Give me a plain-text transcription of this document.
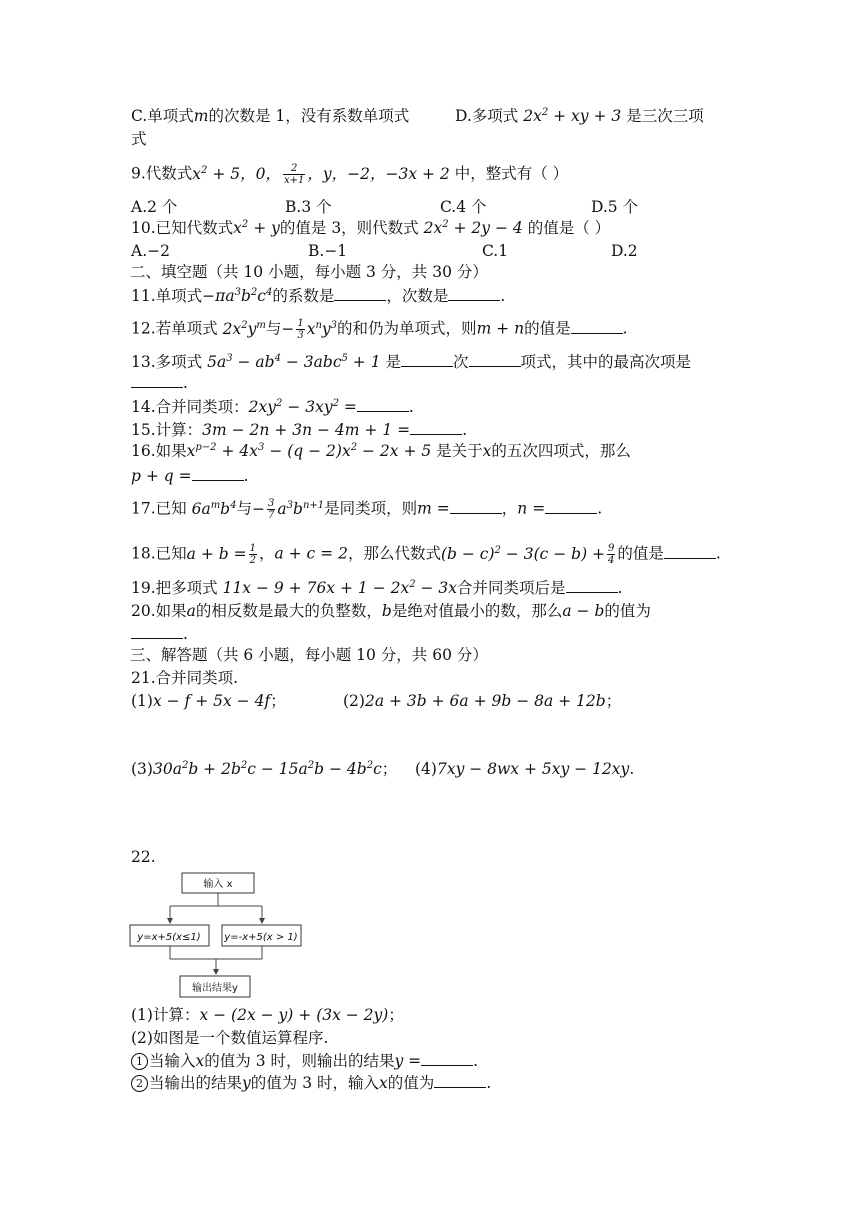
C.单项式m的次数是 1，没有系数单项式	D.多项式 $2x^2$ + xy + 3 是三次三项
式
9.代数式$x^2 + 5$，0， $\frac{2}{x+1}$ ，y，−2，−3x + 2 中，整式有（ ）
A.2 个	B.3 个	C.4 个	D.5 个
10.已知代数式$x^2 + y$的值是 3，则代数式 $2x^2 + 2y - 4$ 的值是（ ）
A.−2	B.−1	C.1	D.2
二、填空题（共 10 小题，每小题 3 分，共 30 分）
11.单项式$-\pi a^3b^2c^4$的系数是	，次数是	.
12.若单项式 $2x^2y^m$与− $\frac{1}{3} x^ny^3$的和仍为单项式，则m + n的值是	.
13.多项式 $5a^3 - ab^4 - 3abc^5 + 1$ 是	次	项式，其中的最高次项是
.
14.合并同类项：$2xy^2 - 3xy^2$ =	.
15.计算：3m − 2n + 3n − 4m + 1 =	.
16.如果$x^{p-2} + 4x^3 - (q - 2)x^2 - 2x + 5$ 是关于x的五次四项式，那么
p + q =	.
17.已知 $6a^mb^4$与− $\frac{3}{7} a^3b^{n+1}$是同类项，则m =	，n =	.
18.已知$a + b = \frac{1}{2}$ ，a + c = 2，那么代数式$(b - c)^2 - 3(c - b) + \frac{9}{4}$ 的值是	.
19.把多项式 $11x - 9 + 76x + 1 - 2x^2 - 3x$合并同类项后是	.
20.如果a的相反数是最大的负整数，b是绝对值最小的数，那么a − b的值为
.
三、解答题（共 6 小题，每小题 10 分，共 60 分）
21.合并同类项.
(1)x − f + 5x − 4f；	(2)2a + 3b + 6a + 9b − 8a + 12b；
$(3)30a^2b + 2b^2c - 15a^2b - 4b^2c$； (4)7xy − 8wx + 5xy − 12xy.
22.
输入 x
y=x+5(x≤1) y=-x+5(x > 1)
输出结果y
(1)计算：x − (2x − y) + (3x − 2y)；
(2)如图是一个数值运算程序.
1 当输入x的值为 3 时，则输出的结果y =	.
2 当输出的结果y的值为 3 时，输入x的值为	.
